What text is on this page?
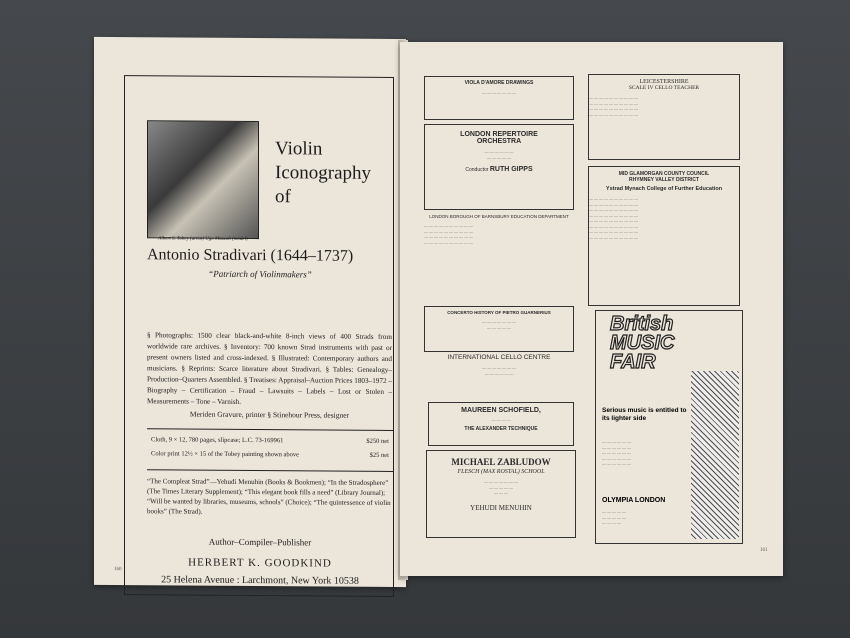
Albert S. Tobey (artist) Ugo Mazzoli (model)
Violin
Iconography
of
Antonio Stradivari (1644–1737)
“Patriarch of Violinmakers”
§ Photographs: 1500 clear black-and-white 8-inch views of 400 Strads from worldwide rare archives. § Inventory: 700 known Strad instruments with past or present owners listed and cross-indexed. § Illustrated: Contemporary authors and musicians. § Reprints: Scarce literature about Stradivari. § Tables: Genealogy–Production–Quarters Assembled. § Treatises: Appraisal–Auction Prices 1803–1972 – Biography – Certification – Fraud – Lawsuits – Labels – Lost or Stolen – Measurements – Tone – Varnish.
Meriden Gravure, printer § Stinehour Press, designer
Cloth, 9 × 12, 780 pages, slipcase; L.C. 73-169961	$250 net
Color print 12½ × 15 of the Tobey painting shown above	$25 net
“The Compleat Strad”—Yehudi Menuhin (Books & Bookmen); “In the Stradosphere” (The Times Literary Supplement); “This elegant book fills a need” (Library Journal); “Will be wanted by libraries, museums, schools” (Choice); “The quintessence of violin books” (The Strad).
Author–Compiler–Publisher
HERBERT K. GOODKIND
25 Helena Avenue : Larchmont, New York 10538
160
VIOLA D'AMORE DRAWINGS
— — — — — — —
LONDON REPERTOIRE
ORCHESTRA
— — — — — —
— — — — —
Conductor RUTH GIPPS
LONDON BOROUGH OF BARNSBURY EDUCATION DEPARTMENT
— — — — — — — — — —
— — — — — — — — — —
— — — — — — — — — —
— — — — — — — — — —
CONCERTO HISTORY OF PIETRO GUARNERIUS
— — — — — — —
— — — — —
INTERNATIONAL CELLO CENTRE
— — — — — — —
— — — — — —
MAUREEN SCHOFIELD,
— — — —
THE ALEXANDER TECHNIQUE
MICHAEL ZABLUDOW
FLESCH (MAX ROSTAL) SCHOOL
— — — — — — —
— — — — —
— — —
YEHUDI MENUHIN
LEICESTERSHIRE
SCALE IV CELLO TEACHER
— — — — — — — — — —
— — — — — — — — — —
— — — — — — — — — —
— — — — — — — — — —
MID GLAMORGAN COUNTY COUNCIL
RHYMNEY VALLEY DISTRICT
Ystrad Mynach College of Further Education
— — — — — — — — — —
— — — — — — — — — —
— — — — — — — — — —
— — — — — — — — — —
— — — — — — — — — —
— — — — — — — — — —
— — — — — — — — — —
— — — — — — — — — —
British
MUSIC
FAIR
Serious music is entitled to its lighter side
— — — — — —
— — — — — —
— — — — — —
— — — — — —
— — — — — —
OLYMPIA LONDON
— — — — —
— — — — —
— — — —
161
